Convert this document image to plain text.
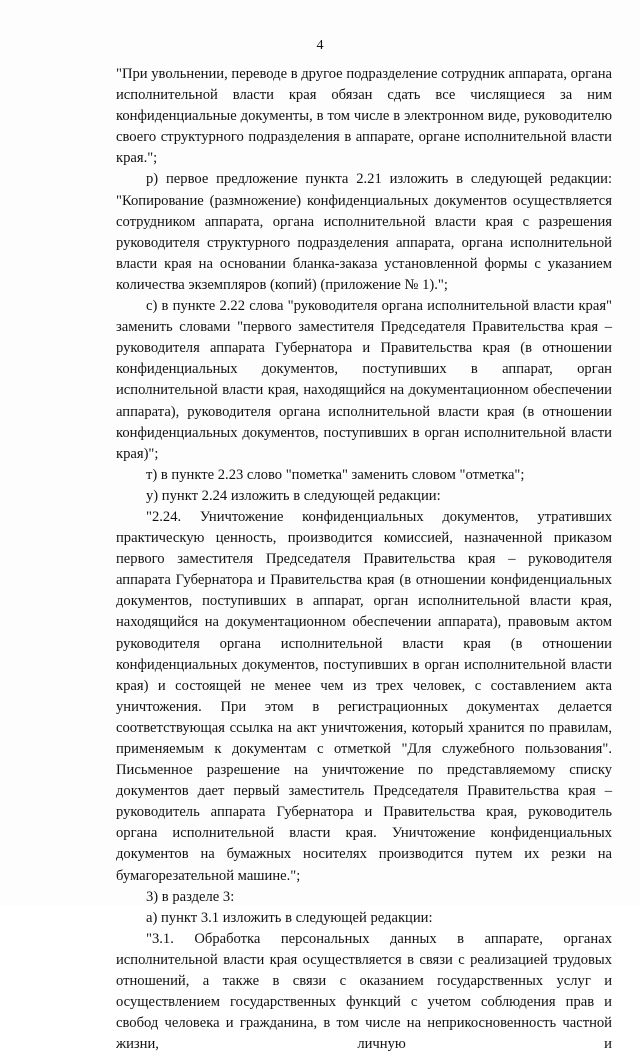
4

"При увольнении, переводе в другое подразделение сотрудник аппарата, органа исполнительной власти края обязан сдать все числящиеся за ним конфиденциальные документы, в том числе в электронном виде, руководителю своего структурного подразделения в аппарате, органе исполнительной власти края.";

р) первое предложение пункта 2.21 изложить в следующей редакции: "Копирование (размножение) конфиденциальных документов осуществляется сотрудником аппарата, органа исполнительной власти края с разрешения руководителя структурного подразделения аппарата, органа исполнительной власти края на основании бланка-заказа установленной формы с указанием количества экземпляров (копий) (приложение № 1).";

с) в пункте 2.22 слова "руководителя органа исполнительной власти края" заменить словами "первого заместителя Председателя Правительства края – руководителя аппарата Губернатора и Правительства края (в отношении конфиденциальных документов, поступивших в аппарат, орган исполнительной власти края, находящийся на документационном обеспечении аппарата), руководителя органа исполнительной власти края (в отношении конфиденциальных документов, поступивших в орган исполнительной власти края)";

т) в пункте 2.23 слово "пометка" заменить словом "отметка";

у) пункт 2.24 изложить в следующей редакции:

"2.24. Уничтожение конфиденциальных документов, утративших практическую ценность, производится комиссией, назначенной приказом первого заместителя Председателя Правительства края – руководителя аппарата Губернатора и Правительства края (в отношении конфиденциальных документов, поступивших в аппарат, орган исполнительной власти края, находящийся на документационном обеспечении аппарата), правовым актом руководителя органа исполнительной власти края (в отношении конфиденциальных документов, поступивших в орган исполнительной власти края) и состоящей не менее чем из трех человек, с составлением акта уничтожения. При этом в регистрационных документах делается соответствующая ссылка на акт уничтожения, который хранится по правилам, применяемым к документам с отметкой "Для служебного пользования". Письменное разрешение на уничтожение по представляемому списку документов дает первый заместитель Председателя Правительства края – руководитель аппарата Губернатора и Правительства края, руководитель органа исполнительной власти края. Уничтожение конфиденциальных документов на бумажных носителях производится путем их резки на бумагорезательной машине.";

3) в разделе 3:

а) пункт 3.1 изложить в следующей редакции:

"3.1. Обработка персональных данных в аппарате, органах исполнительной власти края осуществляется в связи с реализацией трудовых отношений, а также в связи с оказанием государственных услуг и осуществлением государственных функций с учетом соблюдения прав и свобод человека и гражданина, в том числе на неприкосновенность частной жизни, личную и
